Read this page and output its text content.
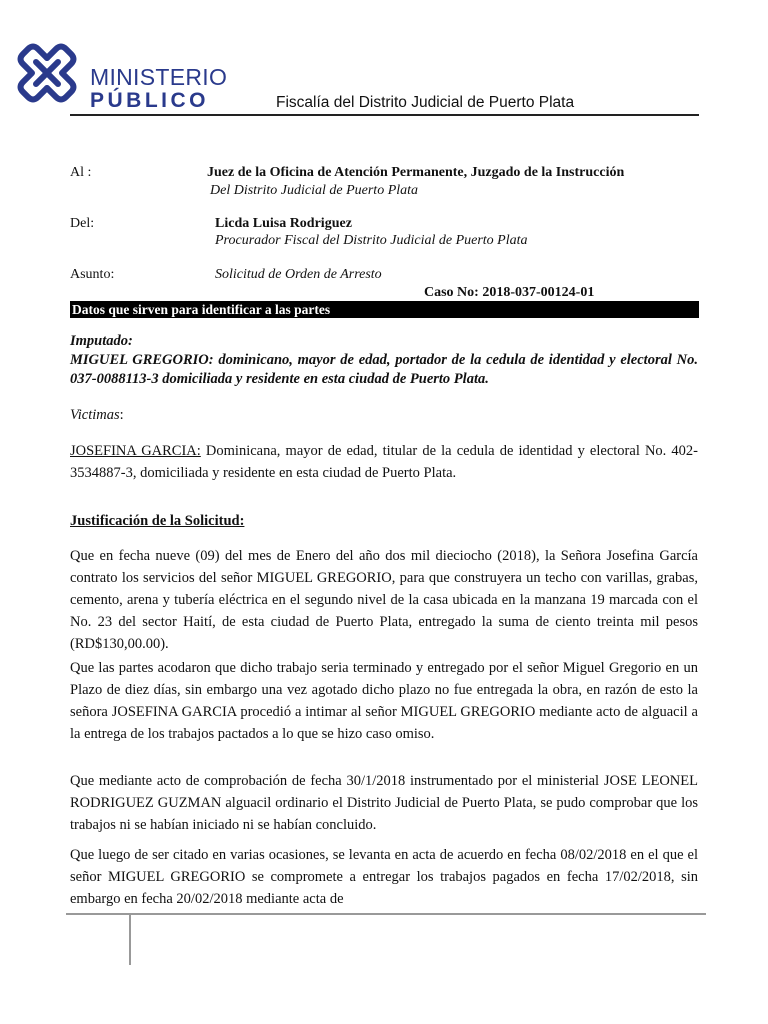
MINISTERIO
PÚBLICO	Fiscalía del Distrito Judicial de Puerto Plata
Al :	Juez de la Oficina de Atención Permanente, Juzgado de la Instrucción
Del Distrito Judicial de Puerto Plata
Del:	Licda Luisa Rodriguez
Procurador Fiscal del Distrito Judicial de Puerto Plata
Asunto:	Solicitud de Orden de Arresto
Caso No: 2018-037-00124-01
Datos que sirven para identificar a las partes
Imputado:
MIGUEL GREGORIO: dominicano, mayor de edad, portador de la cedula de identidad y electoral No. 037-0088113-3 domiciliada y residente en esta ciudad de Puerto Plata.
Victimas:
JOSEFINA GARCIA: Dominicana, mayor de edad, titular de la cedula de identidad y electoral No. 402-3534887-3, domiciliada y residente en esta ciudad de Puerto Plata.
Justificación de la Solicitud:
Que en fecha nueve (09) del mes de Enero del año dos mil dieciocho (2018), la Señora Josefina García contrato los servicios del señor MIGUEL GREGORIO, para que construyera un techo con varillas, grabas, cemento, arena y tubería eléctrica en el segundo nivel de la casa ubicada en la manzana 19 marcada con el No. 23 del sector Haití, de esta ciudad de Puerto Plata, entregado la suma de ciento treinta mil pesos (RD$130,00.00).
Que las partes acodaron que dicho trabajo seria terminado y entregado por el señor Miguel Gregorio en un Plazo de diez días, sin embargo una vez agotado dicho plazo no fue entregada la obra, en razón de esto la señora JOSEFINA GARCIA procedió a intimar al señor MIGUEL GREGORIO mediante acto de alguacil a la entrega de los trabajos pactados a lo que se hizo caso omiso.
Que mediante acto de comprobación de fecha 30/1/2018 instrumentado por el ministerial JOSE LEONEL RODRIGUEZ GUZMAN alguacil ordinario el Distrito Judicial de Puerto Plata, se pudo comprobar que los trabajos ni se habían iniciado ni se habían concluido.
Que luego de ser citado en varias ocasiones, se levanta en acta de acuerdo en fecha 08/02/2018 en el que el señor MIGUEL GREGORIO se compromete a entregar los trabajos pagados en fecha 17/02/2018, sin embargo en fecha 20/02/2018 mediante acta de
